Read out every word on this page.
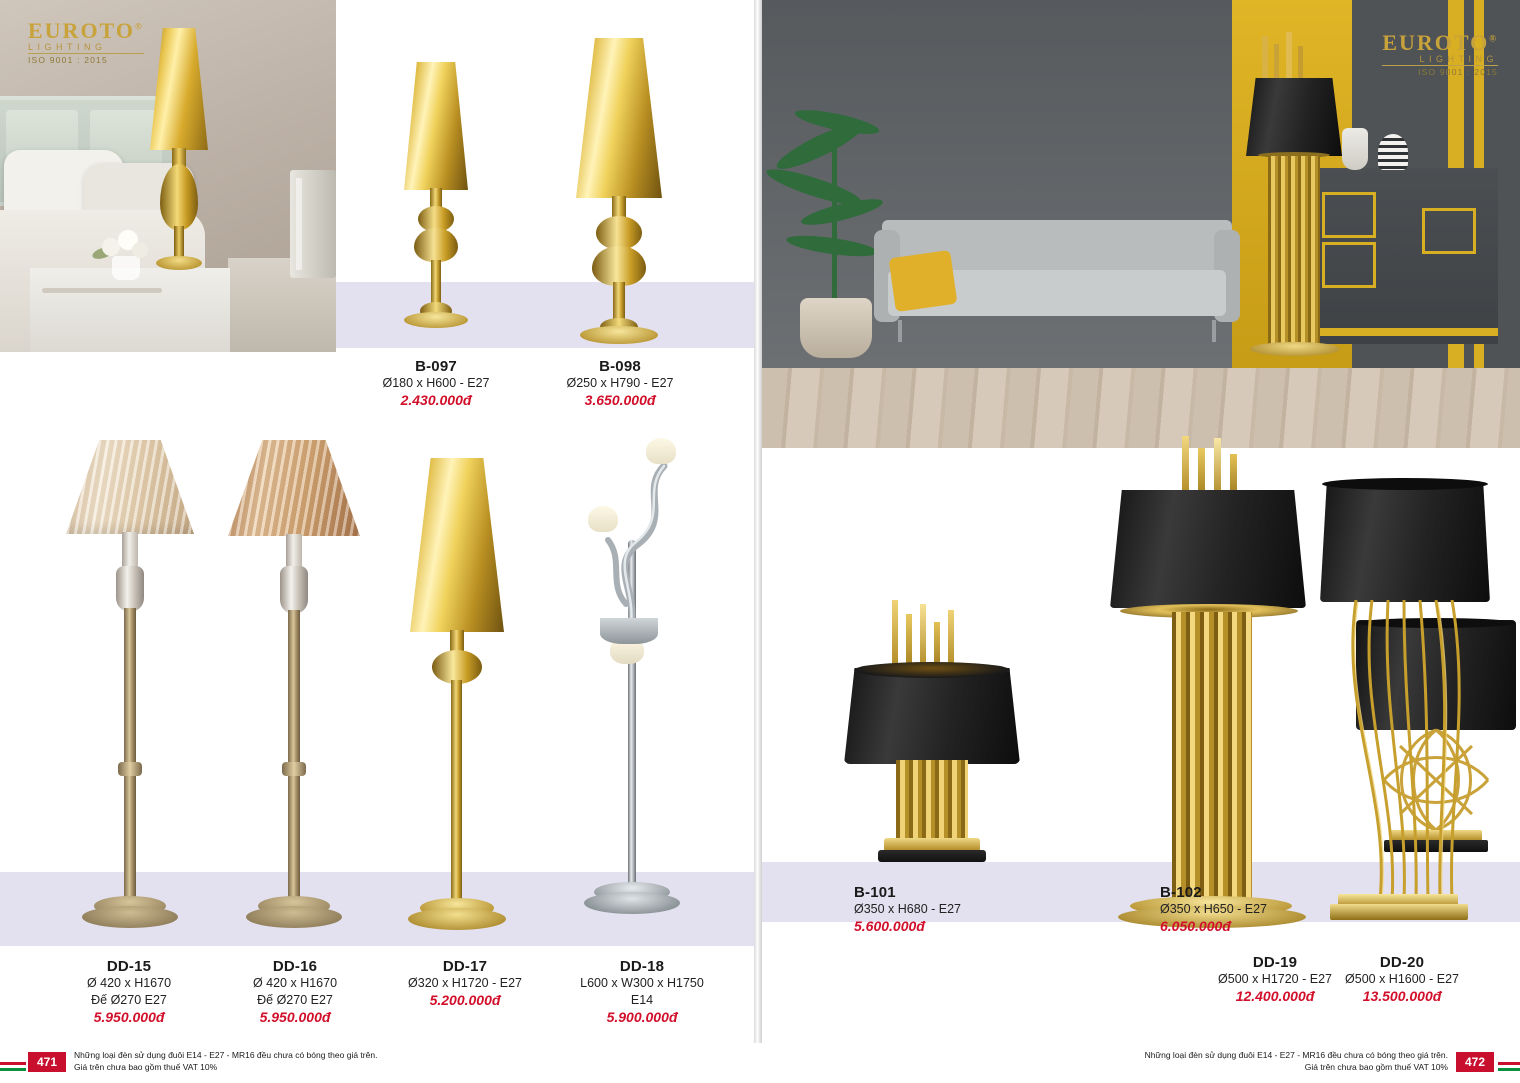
EUROTO®
LIGHTING
ISO 9001 : 2015
B-097
Ø180 x H600 - E27
2.430.000đ
B-098
Ø250 x H790 - E27
3.650.000đ
DD-15
Ø 420 x H1670
Đế Ø270 E27
5.950.000đ
DD-16
Ø 420 x H1670
Đế Ø270 E27
5.950.000đ
DD-17
Ø320 x H1720 - E27
5.200.000đ
DD-18
L600 x W300 x H1750
E14
5.900.000đ
EUROTO®
LIGHTING
ISO 9001 : 2015
B-101
Ø350 x H680 - E27
5.600.000đ
DD-19
Ø500 x H1720 - E27
12.400.000đ
B-102
Ø350 x H650 - E27
6.050.000đ
DD-20
Ø500 x H1600 - E27
13.500.000đ
471	Những loại đèn sử dụng đuôi E14 - E27 - MR16 đều chưa có bóng theo giá trên.
Giá trên chưa bao gồm thuế VAT 10%
Những loại đèn sử dụng đuôi E14 - E27 - MR16 đều chưa có bóng theo giá trên.
Giá trên chưa bao gồm thuế VAT 10%	472
